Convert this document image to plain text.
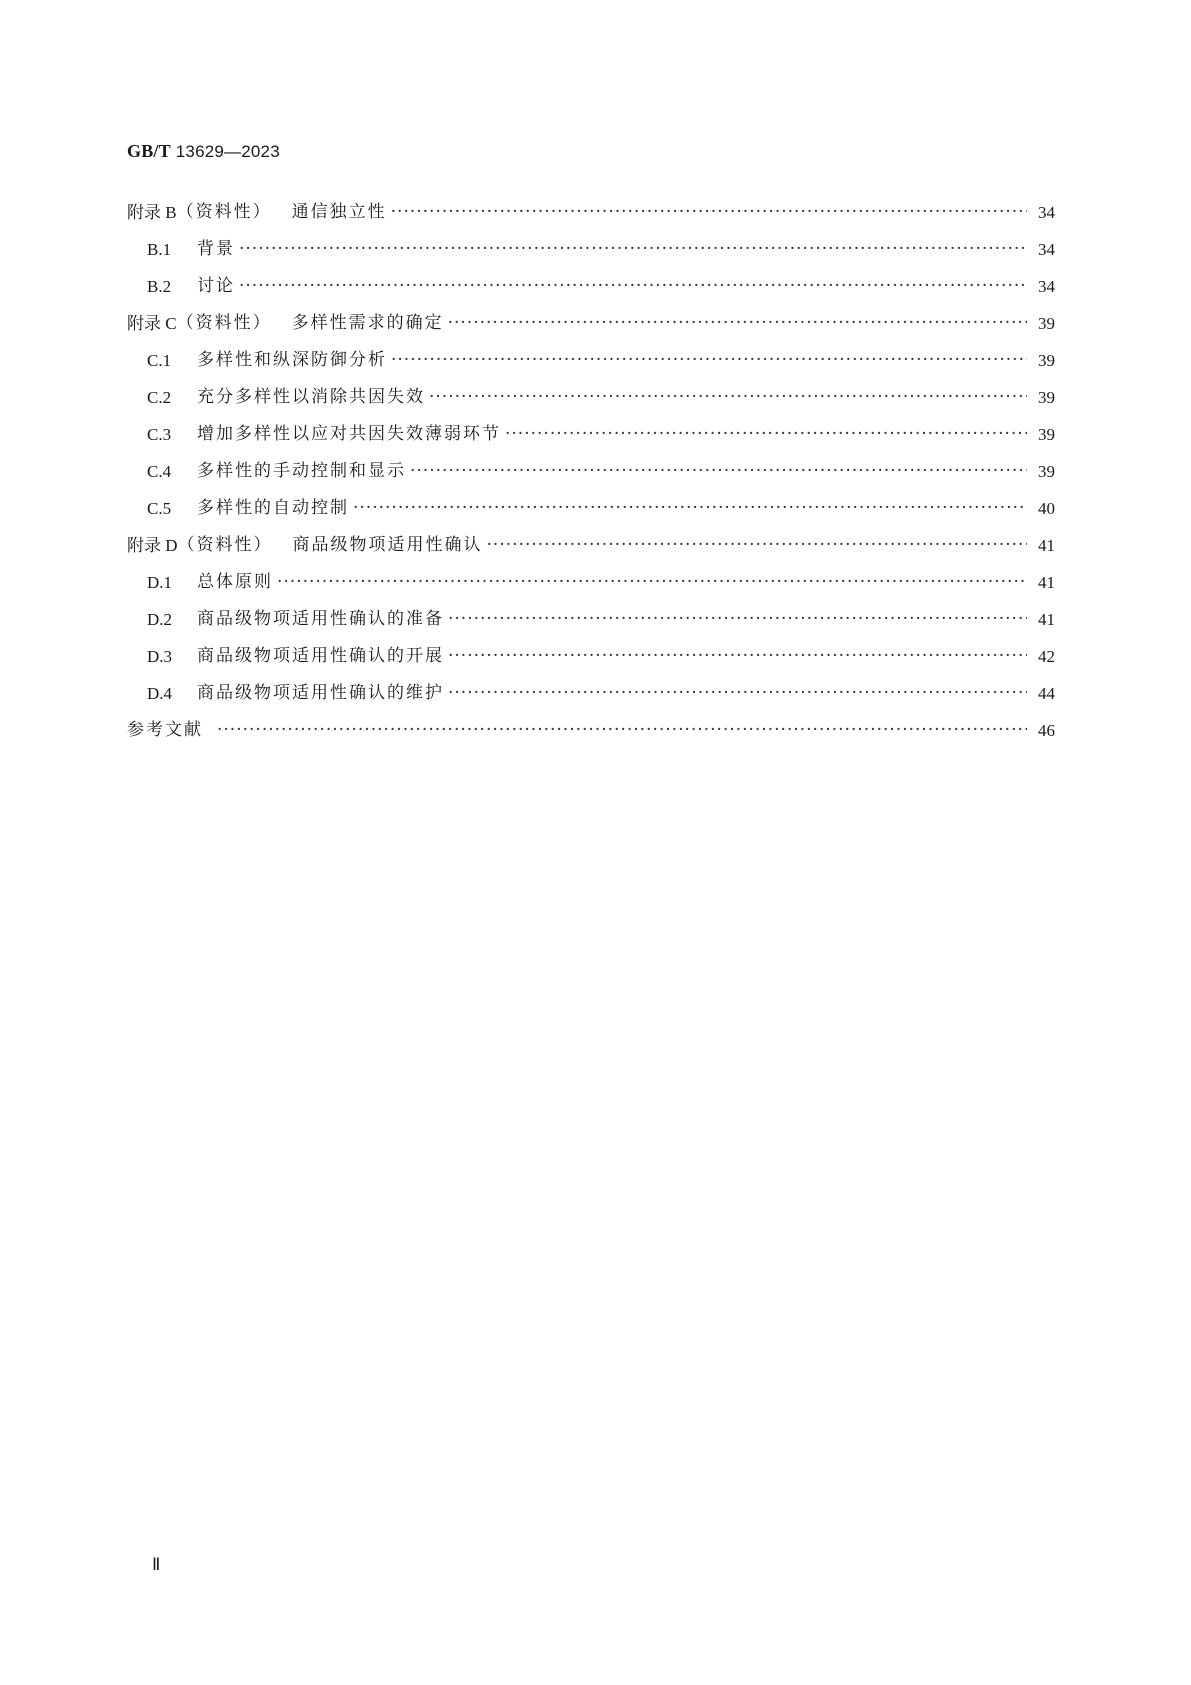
GB/T 13629—2023
附录 B （资料性） 通信独立性 ·····	34
B.1	背景 ·····	34
B.2	讨论 ·····	34
附录 C （资料性） 多样性需求的确定 ·····	39
C.1	多样性和纵深防御分析 ·····	39
C.2	充分多样性以消除共因失效 ·····	39
C.3	增加多样性以应对共因失效薄弱环节 ·····	39
C.4	多样性的手动控制和显示 ·····	39
C.5	多样性的自动控制 ·····	40
附录 D （资料性） 商品级物项适用性确认 ·····	41
D.1	总体原则 ·····	41
D.2	商品级物项适用性确认的准备 ·····	41
D.3	商品级物项适用性确认的开展 ·····	42
D.4	商品级物项适用性确认的维护 ·····	44
参考文献 ·····	46
Ⅱ
